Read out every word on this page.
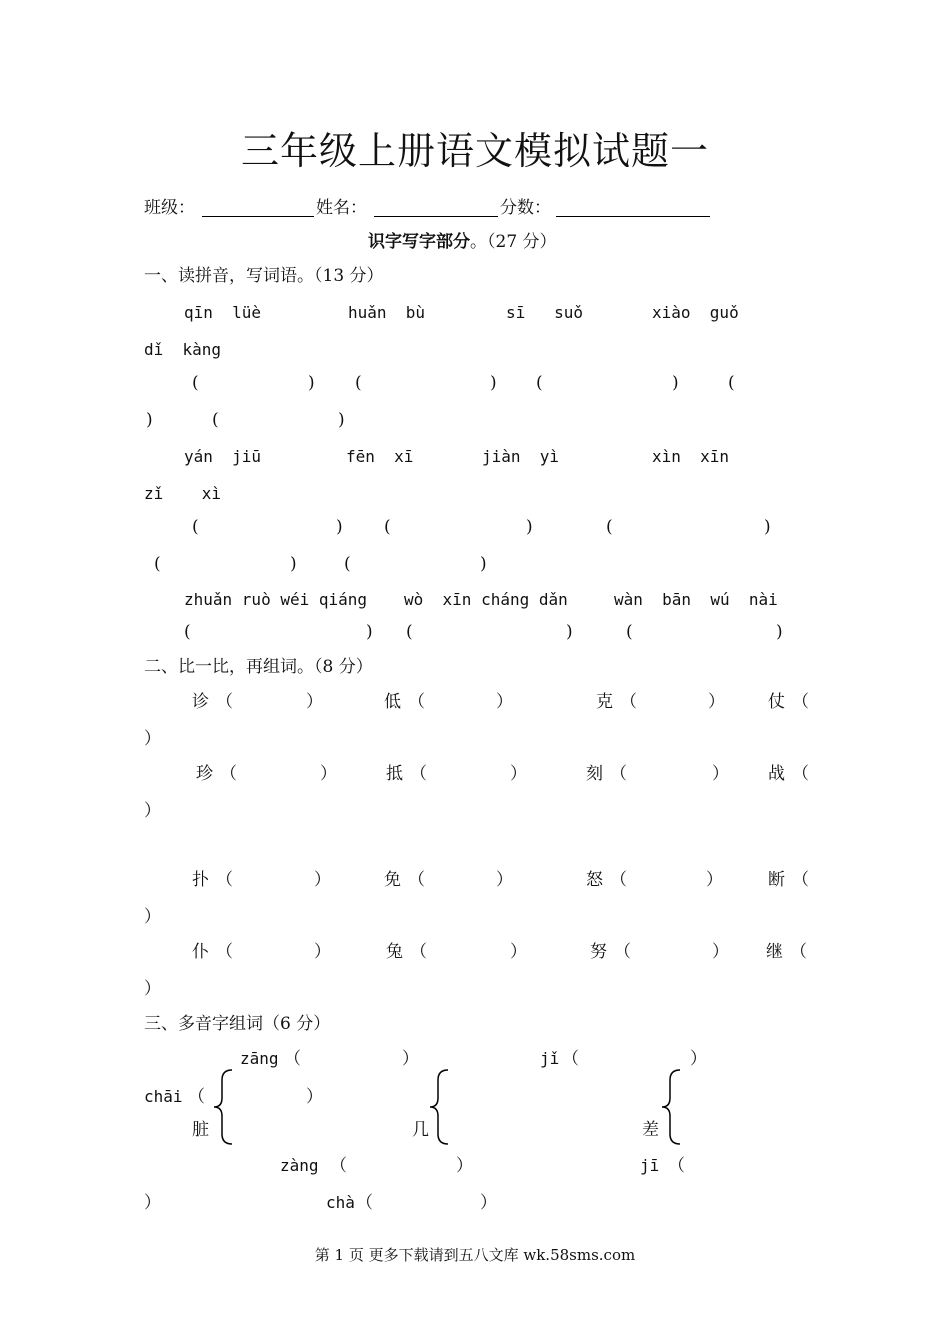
三年级上册语文模拟试题一
班级：	姓名：	分数：
识字写字部分。（27 分）
一、读拼音，写词语。（13 分）
qīn  lüè	huǎn  bù	sī   suǒ	xiào  guǒ
dǐ  kàng
(	) (	) (	)	(
)	(	)
yán  jiū	fēn  xī	jiàn  yì	xìn  xīn
zǐ    xì
(	) (	)	(	)
(	)	(	)
zhuǎn ruò wéi qiáng wò  xīn cháng dǎn	wàn  bān  wú  nài
(	) (	)	(	)
二、比一比，再组词。（8 分）
诊 （	）	低 （	）	克 （	）	仗 （
）
珍 （	）	抵 （	）	刻 （	） 战 （
）
扑 （	）	免 （	）	怒 （	）	断 （
）
仆 （	）	兔 （	）	努 （	） 继 （
）
三、多音字组词（6 分）
zāng （	）	jǐ （	）
chāi （	）
脏	几	差
zàng （	）	jī （
）	chà （	）
第 1 页 更多下载请到五八文库 wk.58sms.com
